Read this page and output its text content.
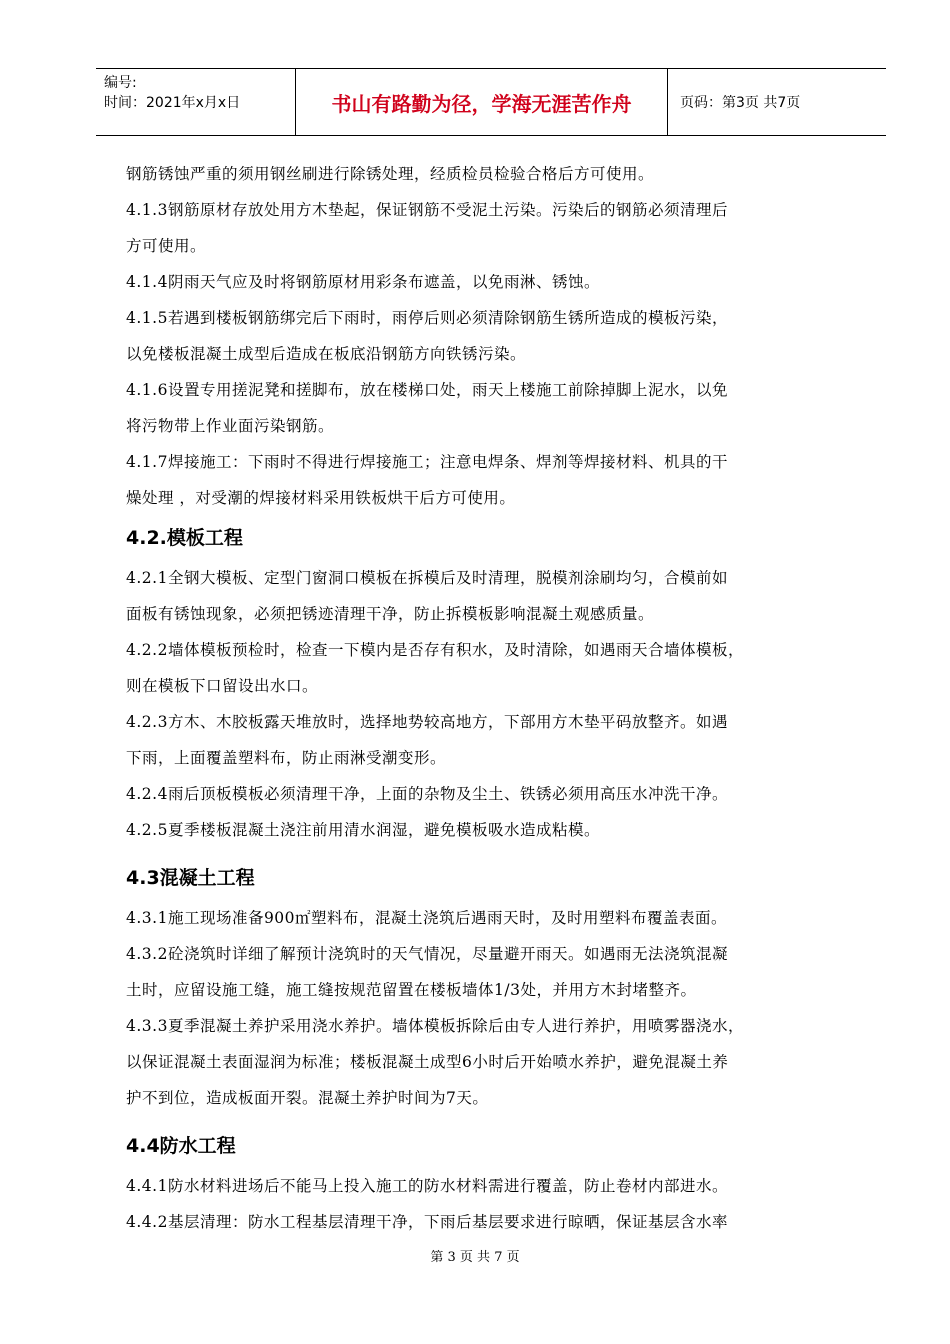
编号:
时间：2021年x月x日	书山有路勤为径，学海无涯苦作舟	页码：第3页 共7页

钢筋锈蚀严重的须用钢丝刷进行除锈处理，经质检员检验合格后方可使用。

4.1.3钢筋原材存放处用方木垫起，保证钢筋不受泥土污染。污染后的钢筋必须清理后

方可使用。

4.1.4阴雨天气应及时将钢筋原材用彩条布遮盖，以免雨淋、锈蚀。

4.1.5若遇到楼板钢筋绑完后下雨时，雨停后则必须清除钢筋生锈所造成的模板污染，

以免楼板混凝土成型后造成在板底沿钢筋方向铁锈污染。

4.1.6设置专用搓泥凳和搓脚布，放在楼梯口处，雨天上楼施工前除掉脚上泥水，以免

将污物带上作业面污染钢筋。

4.1.7焊接施工：下雨时不得进行焊接施工；注意电焊条、焊剂等焊接材料、机具的干

燥处理 ，对受潮的焊接材料采用铁板烘干后方可使用。

4.2.模板工程

4.2.1全钢大模板、定型门窗洞口模板在拆模后及时清理，脱模剂涂刷均匀，合模前如

面板有锈蚀现象，必须把锈迹清理干净，防止拆模板影响混凝土观感质量。

4.2.2墙体模板预检时，检查一下模内是否存有积水，及时清除，如遇雨天合墙体模板，

则在模板下口留设出水口。

4.2.3方木、木胶板露天堆放时，选择地势较高地方，下部用方木垫平码放整齐。如遇

下雨，上面覆盖塑料布，防止雨淋受潮变形。

4.2.4雨后顶板模板必须清理干净，上面的杂物及尘土、铁锈必须用高压水冲洗干净。

4.2.5夏季楼板混凝土浇注前用清水润湿，避免模板吸水造成粘模。

4.3混凝土工程

4.3.1施工现场准备900㎡塑料布，混凝土浇筑后遇雨天时，及时用塑料布覆盖表面。

4.3.2砼浇筑时详细了解预计浇筑时的天气情况，尽量避开雨天。如遇雨无法浇筑混凝

土时，应留设施工缝，施工缝按规范留置在楼板墙体1/3处，并用方木封堵整齐。

4.3.3夏季混凝土养护采用浇水养护。墙体模板拆除后由专人进行养护，用喷雾器浇水，

以保证混凝土表面湿润为标准；楼板混凝土成型6小时后开始喷水养护，避免混凝土养

护不到位，造成板面开裂。混凝土养护时间为7天。

4.4防水工程

4.4.1防水材料进场后不能马上投入施工的防水材料需进行覆盖，防止卷材内部进水。

4.4.2基层清理：防水工程基层清理干净，下雨后基层要求进行晾晒，保证基层含水率

第 3 页 共 7 页
